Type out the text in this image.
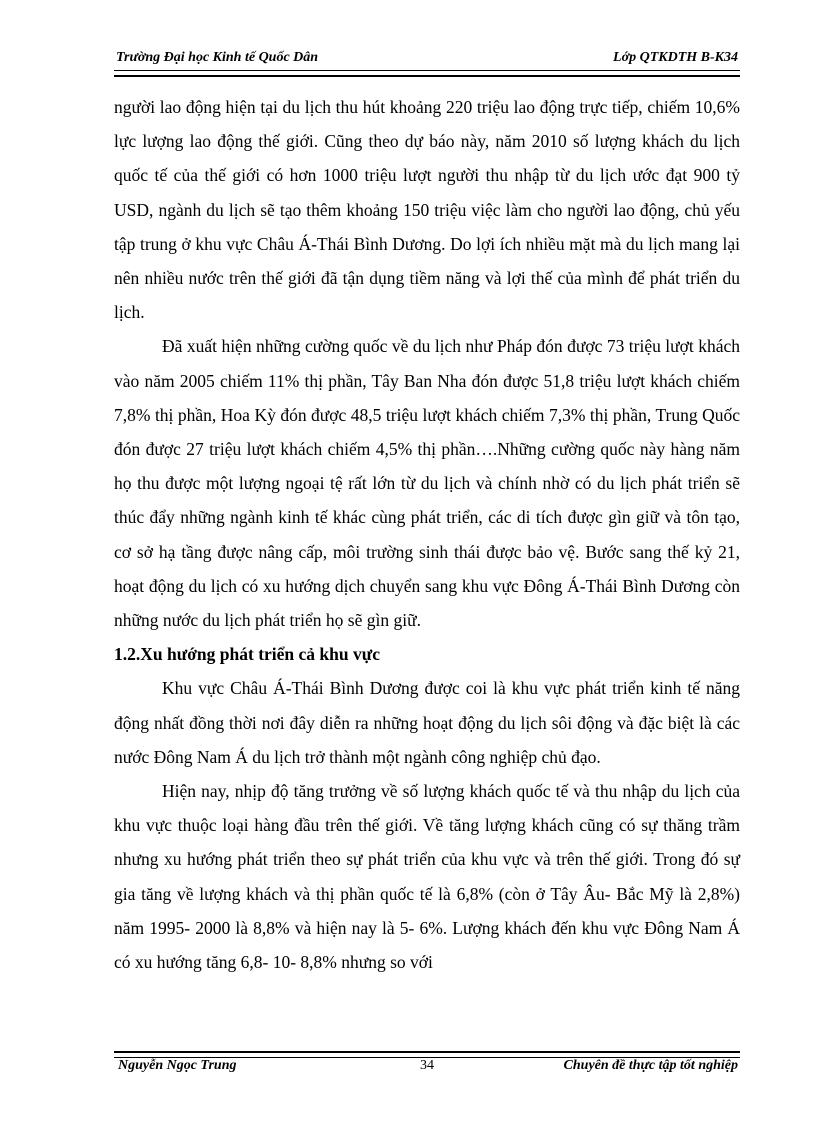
Trường Đại học Kinh tế Quốc Dân	Lớp QTKDTH B-K34

người lao động hiện tại du lịch thu hút khoảng 220 triệu lao động trực tiếp, chiếm 10,6% lực lượng lao động thế giới. Cũng theo dự báo này, năm 2010 số lượng khách du lịch quốc tế của thế giới có hơn 1000 triệu lượt người thu nhập từ du lịch ước đạt 900 tỷ USD, ngành du lịch sẽ tạo thêm khoảng 150 triệu việc làm cho người lao động, chủ yếu tập trung ở khu vực Châu Á-Thái Bình Dương. Do lợi ích nhiều mặt mà du lịch mang lại nên nhiều nước trên thế giới đã tận dụng tiềm năng và lợi thế của mình để phát triển du lịch.

Đã xuất hiện những cường quốc về du lịch như Pháp đón được 73 triệu lượt khách vào năm 2005 chiếm 11% thị phần, Tây Ban Nha đón được 51,8 triệu lượt khách chiếm 7,8% thị phần, Hoa Kỳ đón được 48,5 triệu lượt khách chiếm 7,3% thị phần, Trung Quốc đón được 27 triệu lượt khách chiếm 4,5% thị phần….Những cường quốc này hàng năm họ thu được một lượng ngoại tệ rất lớn từ du lịch và chính nhờ có du lịch phát triển sẽ thúc đẩy những ngành kinh tế khác cùng phát triển, các di tích được gìn giữ và tôn tạo, cơ sở hạ tầng được nâng cấp, môi trường sinh thái được bảo vệ. Bước sang thế kỷ 21, hoạt động du lịch có xu hướng dịch chuyển sang khu vực Đông Á-Thái Bình Dương còn những nước du lịch phát triển họ sẽ gìn giữ.

1.2.Xu hướng phát triển cả khu vực

Khu vực Châu Á-Thái Bình Dương được coi là khu vực phát triển kinh tế năng động nhất đồng thời nơi đây diễn ra những hoạt động du lịch sôi động và đặc biệt là các nước Đông Nam Á du lịch trở thành một ngành công nghiệp chủ đạo.

Hiện nay, nhịp độ tăng trưởng về số lượng khách quốc tế và thu nhập du lịch của khu vực thuộc loại hàng đầu trên thế giới. Về tăng lượng khách cũng có sự thăng trầm nhưng xu hướng phát triển theo sự phát triển của khu vực và trên thế giới. Trong đó sự gia tăng về lượng khách và thị phần quốc tế là 6,8% (còn ở Tây Âu- Bắc Mỹ là 2,8%) năm 1995- 2000 là 8,8% và hiện nay là 5- 6%. Lượng khách đến khu vực Đông Nam Á có xu hướng tăng 6,8- 10- 8,8% nhưng so với

Nguyễn Ngọc Trung	34	Chuyên đề thực tập tốt nghiệp
